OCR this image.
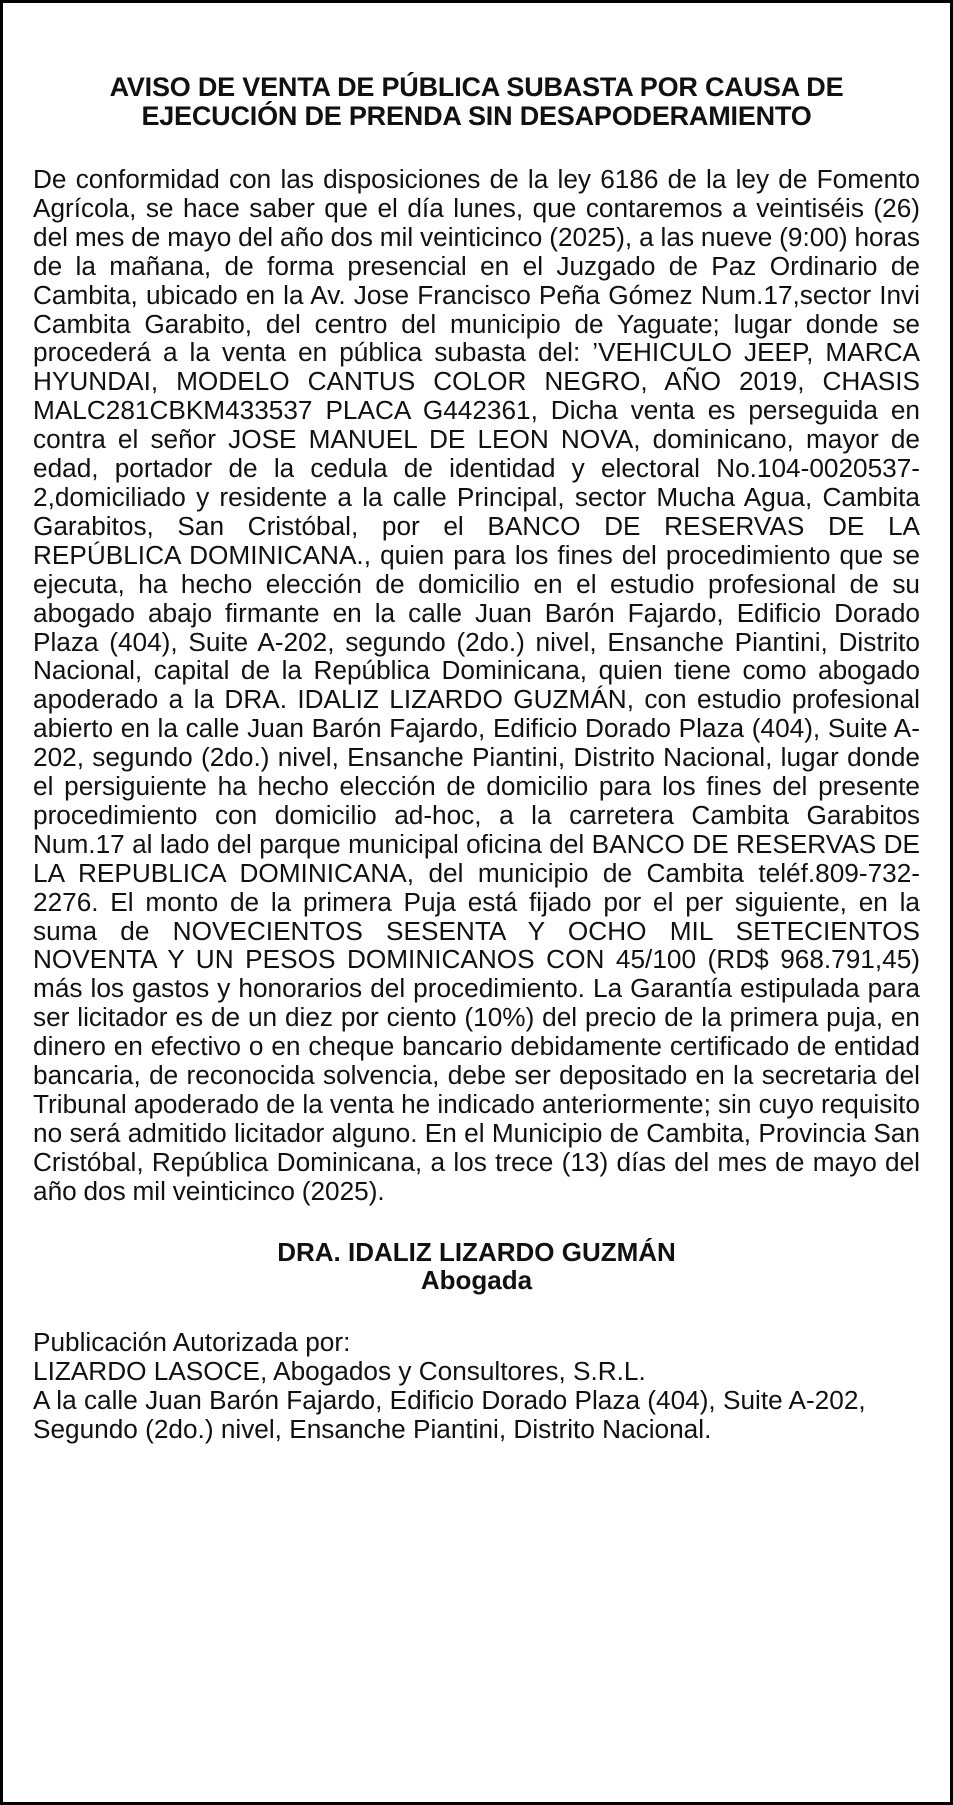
AVISO DE VENTA DE PÚBLICA SUBASTA POR CAUSA DE
EJECUCIÓN DE PRENDA SIN DESAPODERAMIENTO

De conformidad con las disposiciones de la ley 6186 de la ley de Fomento Agrícola, se hace saber que el día lunes, que contaremos a veintiséis (26) del mes de mayo del año dos mil veinticinco (2025), a las nueve (9:00) horas de la mañana, de forma presencial en el Juzgado de Paz Ordinario de Cambita, ubicado en la Av. Jose Francisco Peña Gómez Num.17,sector Invi Cambita Garabito, del centro del municipio de Yaguate; lugar donde se procederá a la venta en pública subasta del: ’VEHICULO JEEP, MARCA HYUNDAI, MODELO CANTUS COLOR NEGRO, AÑO 2019, CHASIS MALC281CBKM433537 PLACA G442361, Dicha venta es perseguida en contra el señor JOSE MANUEL DE LEON NOVA, dominicano, mayor de edad, portador de la cedula de identidad y electoral No.104-0020537-2,domiciliado y residente a la calle Principal, sector Mucha Agua, Cambita Garabitos, San Cristóbal, por el BANCO DE RESERVAS DE LA REPÚBLICA DOMINICANA., quien para los fines del procedimiento que se ejecuta, ha hecho elección de domicilio en el estudio profesional de su abogado abajo firmante en la calle Juan Barón Fajardo, Edificio Dorado Plaza (404), Suite A-202, segundo (2do.) nivel, Ensanche Piantini, Distrito Nacional, capital de la República Dominicana, quien tiene como abogado apoderado a la DRA. IDALIZ LIZARDO GUZMÁN, con estudio profesional abierto en la calle Juan Barón Fajardo, Edificio Dorado Plaza (404), Suite A-202, segundo (2do.) nivel, Ensanche Piantini, Distrito Nacional, lugar donde el persiguiente ha hecho elección de domicilio para los fines del presente procedimiento con domicilio ad-hoc, a la carretera Cambita Garabitos Num.17 al lado del parque municipal oficina del BANCO DE RESERVAS DE LA REPUBLICA DOMINICANA, del municipio de Cambita teléf.809-732-2276. El monto de la primera Puja está fijado por el per siguiente, en la suma de NOVECIENTOS SESENTA Y OCHO MIL SETECIENTOS NOVENTA Y UN PESOS DOMINICANOS CON 45/100 (RD$ 968.791,45) más los gastos y honorarios del procedimiento. La Garantía estipulada para ser licitador es de un diez por ciento (10%) del precio de la primera puja, en dinero en efectivo o en cheque bancario debidamente certificado de entidad bancaria, de reconocida solvencia, debe ser depositado en la secretaria del Tribunal apoderado de la venta he indicado anteriormente; sin cuyo requisito no será admitido licitador alguno. En el Municipio de Cambita, Provincia San Cristóbal, República Dominicana, a los trece (13) días del mes de mayo del año dos mil veinticinco (2025).

DRA. IDALIZ LIZARDO GUZMÁN
Abogada
Publicación Autorizada por:
LIZARDO LASOCE, Abogados y Consultores, S.R.L.
A la calle Juan Barón Fajardo, Edificio Dorado Plaza (404), Suite A-202, Segundo (2do.) nivel, Ensanche Piantini, Distrito Nacional.
